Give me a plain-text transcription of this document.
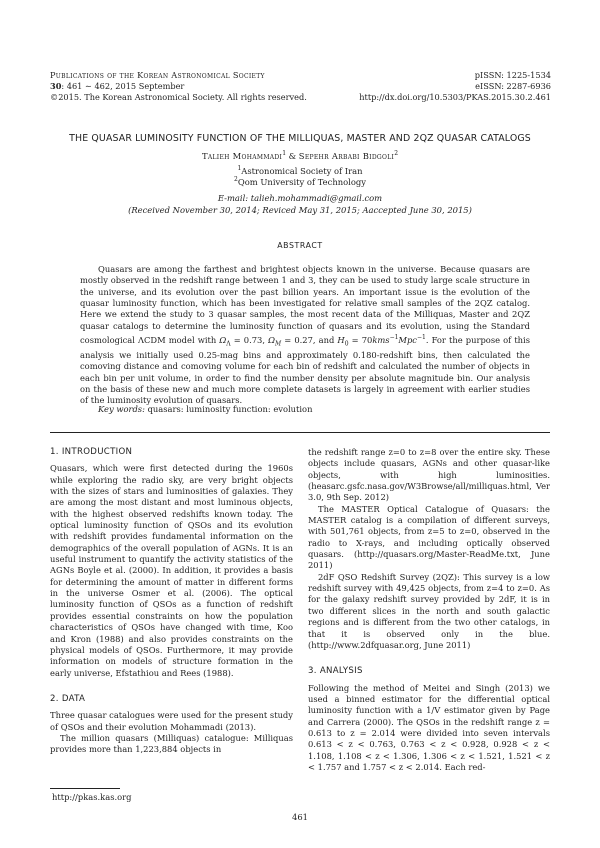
Publications of the Korean Astronomical Society
30: 461 ∼ 462, 2015 September
©2015. The Korean Astronomical Society. All rights reserved.
pISSN: 1225-1534
eISSN: 2287-6936
http://dx.doi.org/10.5303/PKAS.2015.30.2.461
THE QUASAR LUMINOSITY FUNCTION OF THE MILLIQUAS, MASTER AND 2QZ QUASAR CATALOGS
Talieh Mohammadi$^1$ & Sepehr Arbabi Bidgoli$^2$
$^1$Astronomical Society of Iran
$^2$Qom University of Technology
E-mail: talieh.mohammadi@gmail.com
(Received November 30, 2014; Reviced May 31, 2015; Aaccepted June 30, 2015)
ABSTRACT

Quasars are among the farthest and brightest objects known in the universe. Because quasars are mostly observed in the redshift range between 1 and 3, they can be used to study large scale structure in the universe, and its evolution over the past billion years. An important issue is the evolution of the quasar luminosity function, which has been investigated for relative small samples of the 2QZ catalog. Here we extend the study to 3 quasar samples, the most recent data of the Milliquas, Master and 2QZ quasar catalogs to determine the luminosity function of quasars and its evolution, using the Standard cosmological ΛCDM model with $\Omega_\Lambda = 0.73$, $\Omega_M = 0.27$, and $H_0 = 70kms^{-1}Mpc^{-1}$. For the purpose of this analysis we initially used 0.25-mag bins and approximately 0.180-redshift bins, then calculated the comoving distance and comoving volume for each bin of redshift and calculated the number of objects in each bin per unit volume, in order to find the number density per absolute magnitude bin. Our analysis on the basis of these new and much more complete datasets is largely in agreement with earlier studies of the luminosity evolution of quasars.

Key words: quasars: luminosity function: evolution
1. INTRODUCTION

Quasars, which were first detected during the 1960s while exploring the radio sky, are very bright objects with the sizes of stars and luminosities of galaxies. They are among the most distant and most luminous objects, with the highest observed redshifts known today. The optical luminosity function of QSOs and its evolution with redshift provides fundamental information on the demographics of the overall population of AGNs. It is an useful instrument to quantify the activity statistics of the AGNs Boyle et al. (2000). In addition, it provides a basis for determining the amount of matter in different forms in the universe Osmer et al. (2006). The optical luminosity function of QSOs as a function of redshift provides essential constraints on how the population characteristics of QSOs have changed with time, Koo and Kron (1988) and also provides constraints on the physical models of QSOs. Furthermore, it may provide information on models of structure formation in the early universe, Efstathiou and Rees (1988).

2. DATA

Three quasar catalogues were used for the present study of QSOs and their evolution Mohammadi (2013).

The million quasars (Milliquas) catalogue: Milliquas provides more than 1,223,884 objects in

http://pkas.kas.org

the redshift range z=0 to z=8 over the entire sky. These objects include quasars, AGNs and other quasar-like objects, with high luminosities. (heasarc.gsfc.nasa.gov/W3Browse/all/milliquas.html, Ver 3.0, 9th Sep. 2012)

The MASTER Optical Catalogue of Quasars: the MASTER catalog is a compilation of different surveys, with 501,761 objects, from z=5 to z=0, observed in the radio to X-rays, and including optically observed quasars. (http://quasars.org/Master-ReadMe.txt, June 2011)

2dF QSO Redshift Survey (2QZ): This survey is a low redshift survey with 49,425 objects, from z=4 to z=0. As for the galaxy redshift survey provided by 2dF, it is in two different slices in the north and south galactic regions and is different from the two other catalogs, in that it is observed only in the blue. (http://www.2dfquasar.org, June 2011)

3. ANALYSIS

Following the method of Meitei and Singh (2013) we used a binned estimator for the differential optical luminosity function with a 1/V estimator given by Page and Carrera (2000). The QSOs in the redshift range z = 0.613 to z = 2.014 were divided into seven intervals 0.613 < z < 0.763, 0.763 < z < 0.928, 0.928 < z < 1.108, 1.108 < z < 1.306, 1.306 < z < 1.521, 1.521 < z < 1.757 and 1.757 < z < 2.014. Each red-

461
